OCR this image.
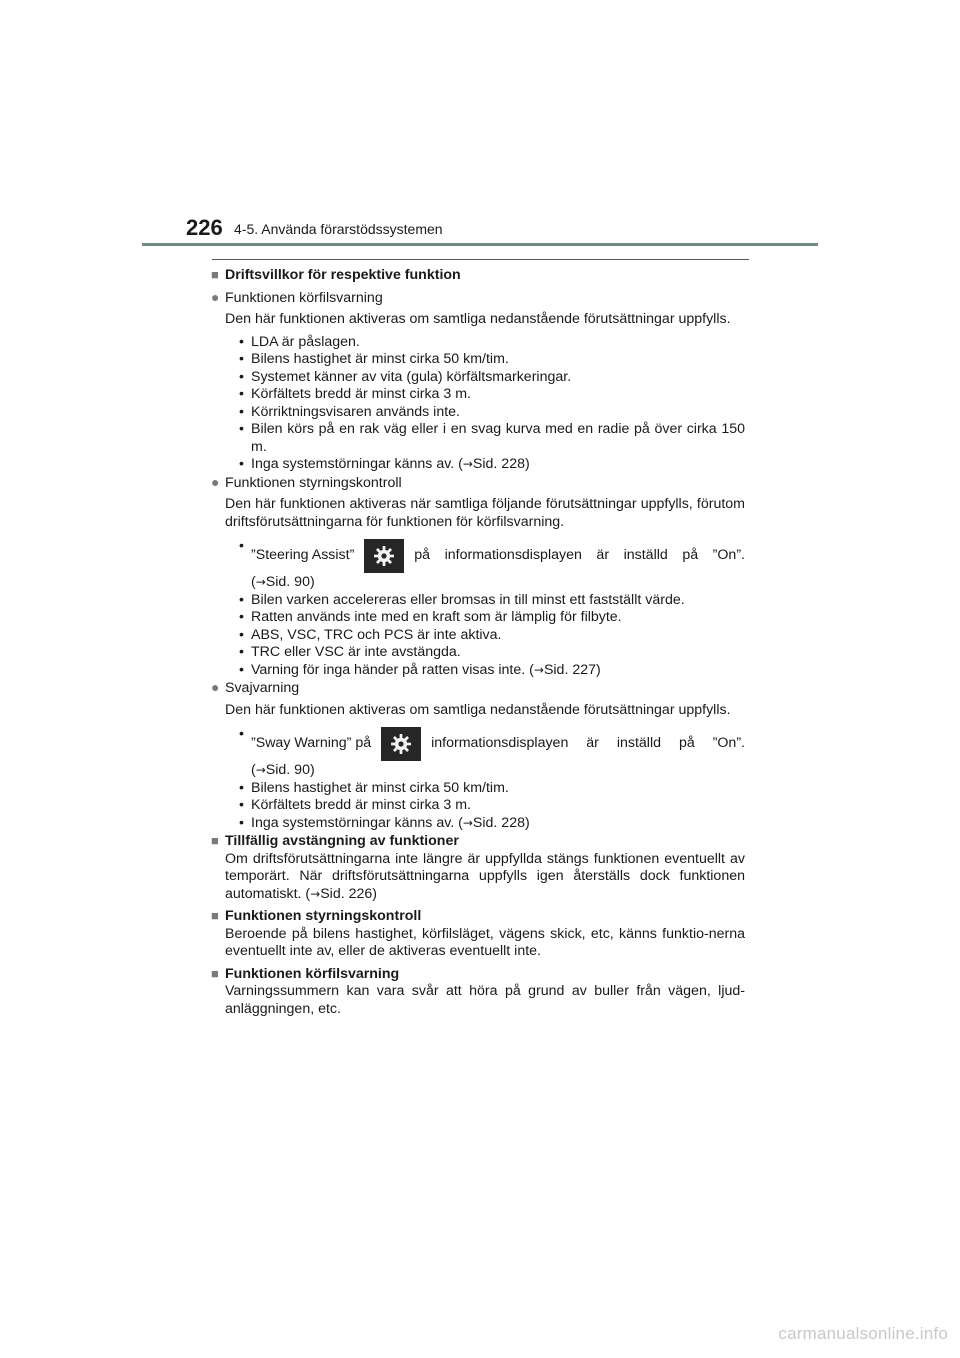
226 4-5. Använda förarstödssystemen
■ Driftsvillkor för respektive funktion
● Funktionen körfilsvarning
Den här funktionen aktiveras om samtliga nedanstående förutsättningar uppfylls.
• LDA är påslagen.
• Bilens hastighet är minst cirka 50 km/tim.
• Systemet känner av vita (gula) körfältsmarkeringar.
• Körfältets bredd är minst cirka 3 m.
• Körriktningsvisaren används inte.
• Bilen körs på en rak väg eller i en svag kurva med en radie på över cirka 150 m.
• Inga systemstörningar känns av. (→Sid. 228)
● Funktionen styrningskontroll
Den här funktionen aktiveras när samtliga följande förutsättningar uppfylls, förutom driftsförutsättningarna för funktionen för körfilsvarning.
• ”Steering Assist”	på informationsdisplayen är inställd på ”On”.
(→Sid. 90)
• Bilen varken accelereras eller bromsas in till minst ett fastställt värde.
• Ratten används inte med en kraft som är lämplig för filbyte.
• ABS, VSC, TRC och PCS är inte aktiva.
• TRC eller VSC är inte avstängda.
• Varning för inga händer på ratten visas inte. (→Sid. 227)
● Svajvarning
Den här funktionen aktiveras om samtliga nedanstående förutsättningar uppfylls.
• ”Sway Warning” på	informationsdisplayen är inställd på ”On”.
(→Sid. 90)
• Bilens hastighet är minst cirka 50 km/tim.
• Körfältets bredd är minst cirka 3 m.
• Inga systemstörningar känns av. (→Sid. 228)
■ Tillfällig avstängning av funktioner
Om driftsförutsättningarna inte längre är uppfyllda stängs funktionen eventuellt av temporärt. När driftsförutsättningarna uppfylls igen återställs dock funktionen automatiskt. (→Sid. 226)
■ Funktionen styrningskontroll
Beroende på bilens hastighet, körfilsläget, vägens skick, etc, känns funktio-nerna eventuellt inte av, eller de aktiveras eventuellt inte.
■ Funktionen körfilsvarning
Varningssummern kan vara svår att höra på grund av buller från vägen, ljud-anläggningen, etc.
carmanualsonline.info
